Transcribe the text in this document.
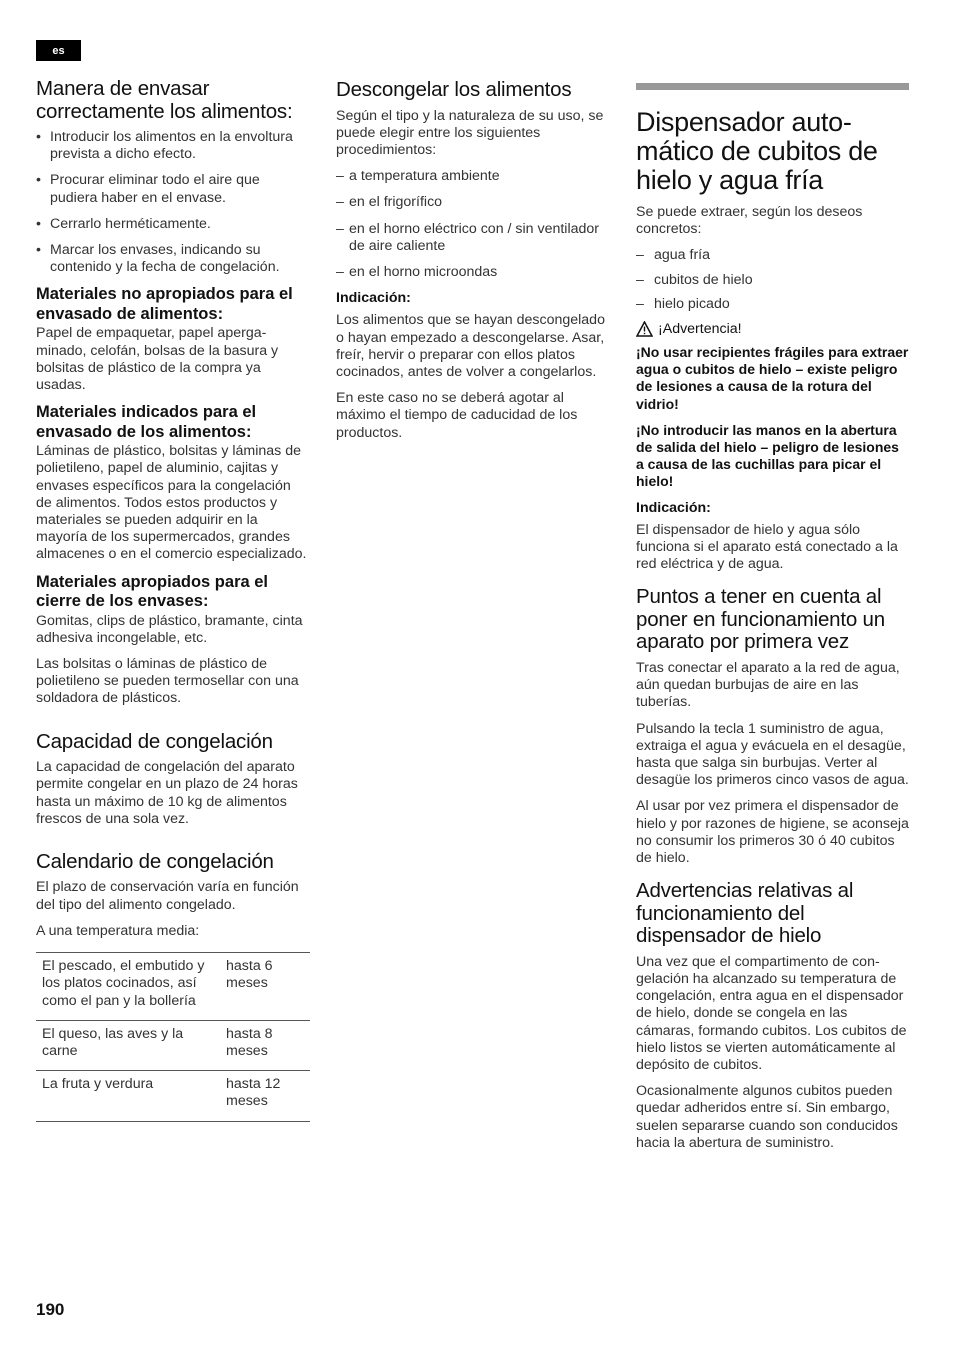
es
Manera de envasar correctamente los alimentos:
• Introducir los alimentos en la envoltura prevista a dicho efecto.
• Procurar eliminar todo el aire que pudiera haber en el envase.
• Cerrarlo herméticamente.
• Marcar los envases, indicando su contenido y la fecha de congelación.
Materiales no apropiados para el envasado de alimentos:

Papel de empaquetar, papel apergaminado, celofán, bolsas de la basura y bolsitas de plástico de la compra ya usadas.

Materiales indicados para el envasado de los alimentos:

Láminas de plástico, bolsitas y láminas de polietileno, papel de aluminio, cajitas y envases específicos para la congelación de alimentos. Todos estos productos y materiales se pueden adquirir en la mayoría de los supermercados, grandes almacenes o en el comercio especializado.

Materiales apropiados para el cierre de los envases:

Gomitas, clips de plástico, bramante, cinta adhesiva incongelable, etc.

Las bolsitas o láminas de plástico de polietileno se pueden termosellar con una soldadora de plásticos.

Capacidad de congelación

La capacidad de congelación del aparato permite congelar en un plazo de 24 horas hasta un máximo de 10 kg de alimentos frescos de una sola vez.

Calendario de congelación

El plazo de conservación varía en función del tipo del alimento congelado.

A una temperatura media:

El pescado, el embutido y los platos cocinados, así como el pan y la bollería	hasta 6 meses
El queso, las aves y la carne	hasta 8 meses
La fruta y verdura	hasta 12 meses
Descongelar los alimentos

Según el tipo y la naturaleza de su uso, se puede elegir entre los siguientes procedimientos:

– a temperatura ambiente
– en el frigorífico
– en el horno eléctrico con / sin ventilador de aire caliente
– en el horno microondas

Indicación:

Los alimentos que se hayan descongelado o hayan empezado a descongelarse. Asar, freír, hervir o preparar con ellos platos cocinados, antes de volver a congelarlos.

En este caso no se deberá agotar al máximo el tiempo de caducidad de los productos.

Dispensador automático de cubitos de hielo y agua fría

Se puede extraer, según los deseos concretos:

– agua fría
– cubitos de hielo
– hielo picado
¡Advertencia!

¡No usar recipientes frágiles para extraer agua o cubitos de hielo – existe peligro de lesiones a causa de la rotura del vidrio!

¡No introducir las manos en la abertura de salida del hielo – peligro de lesiones a causa de las cuchillas para picar el hielo!

Indicación:

El dispensador de hielo y agua sólo funciona si el aparato está conectado a la red eléctrica y de agua.

Puntos a tener en cuenta al poner en funcionamiento un aparato por primera vez

Tras conectar el aparato a la red de agua, aún quedan burbujas de aire en las tuberías.

Pulsando la tecla 1 suministro de agua, extraiga el agua y evácuela en el desagüe, hasta que salga sin burbujas. Verter al desagüe los primeros cinco vasos de agua.

Al usar por vez primera el dispensador de hielo y por razones de higiene, se aconseja no consumir los primeros 30 ó 40 cubitos de hielo.

Advertencias relativas al funcionamiento del dispensador de hielo

Una vez que el compartimento de congelación ha alcanzado su temperatura de congelación, entra agua en el dispensador de hielo, donde se congela en las cámaras, formando cubitos. Los cubitos de hielo listos se vierten automáticamente al depósito de cubitos.

Ocasionalmente algunos cubitos pueden quedar adheridos entre sí. Sin embargo, suelen separarse cuando son conducidos hacia la abertura de suministro.

190
